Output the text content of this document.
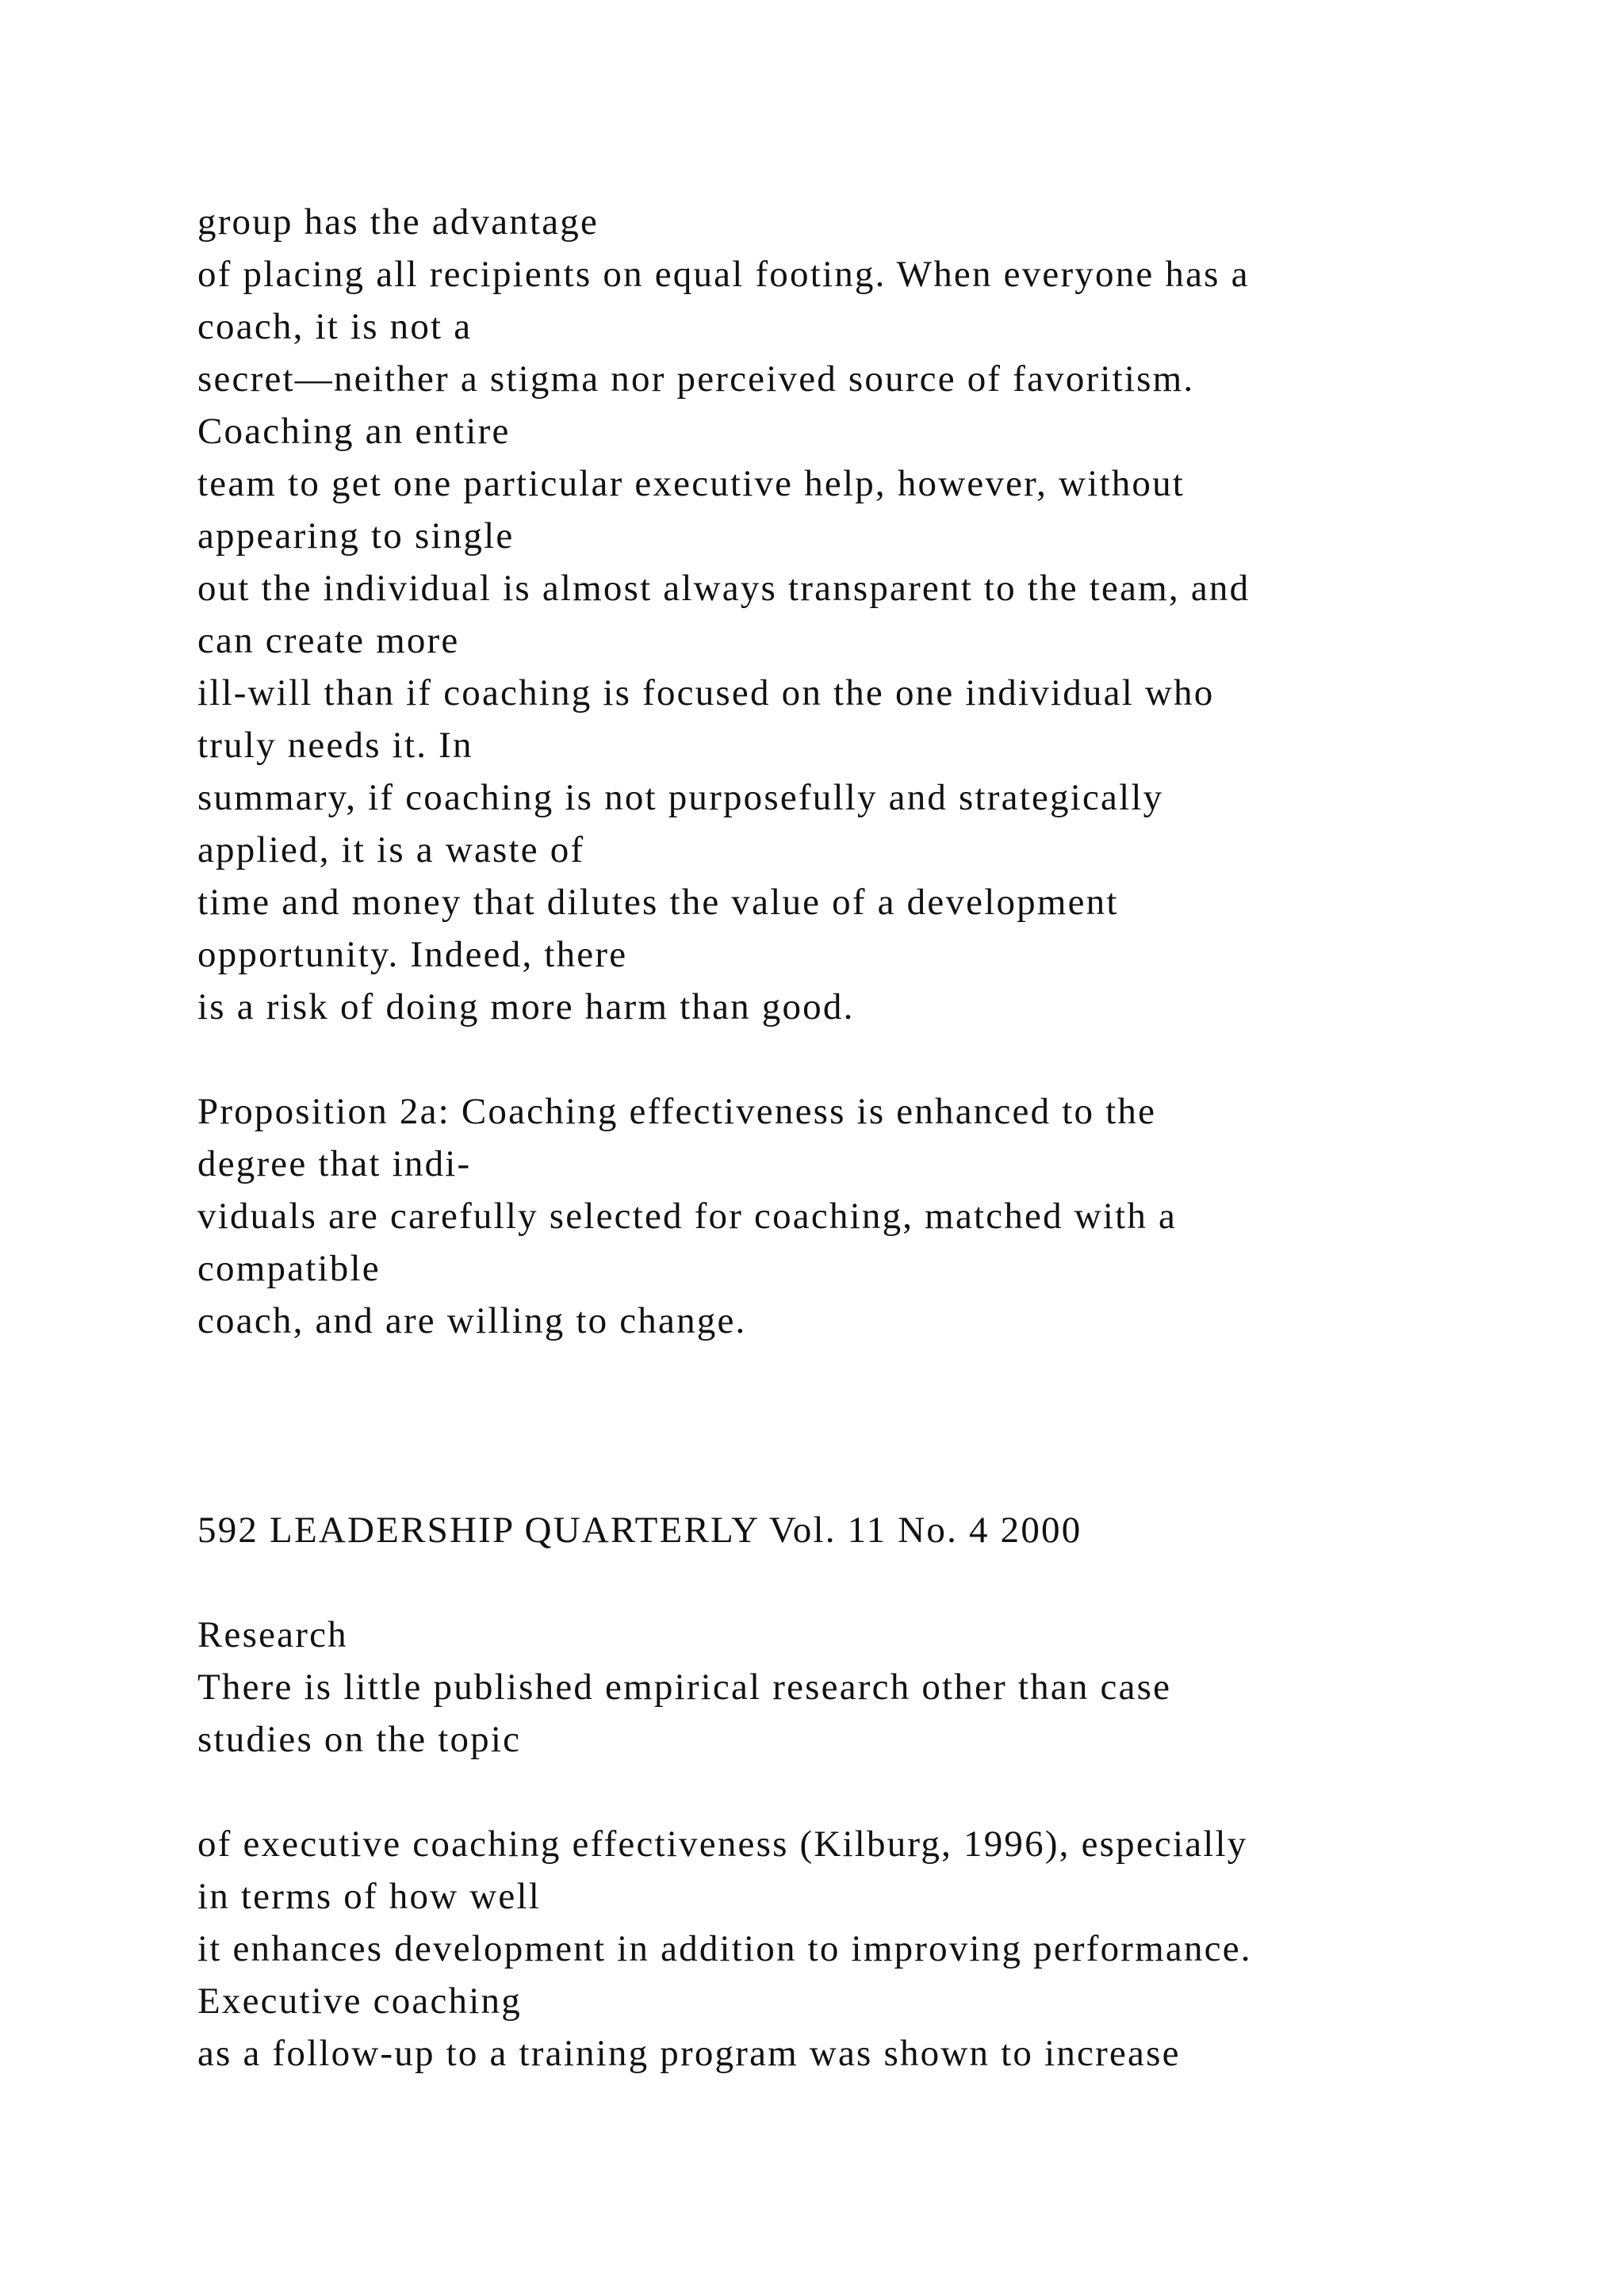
group has the advantage
of placing all recipients on equal footing. When everyone has a
coach, it is not a
secret—neither a stigma nor perceived source of favoritism.
Coaching an entire
team to get one particular executive help, however, without
appearing to single
out the individual is almost always transparent to the team, and
can create more
ill-will than if coaching is focused on the one individual who
truly needs it. In
summary, if coaching is not purposefully and strategically
applied, it is a waste of
time and money that dilutes the value of a development
opportunity. Indeed, there
is a risk of doing more harm than good.
Proposition 2a: Coaching effectiveness is enhanced to the
degree that indi-
viduals are carefully selected for coaching, matched with a
compatible
coach, and are willing to change.
592 LEADERSHIP QUARTERLY Vol. 11 No. 4 2000
Research
There is little published empirical research other than case
studies on the topic
of executive coaching effectiveness (Kilburg, 1996), especially
in terms of how well
it enhances development in addition to improving performance.
Executive coaching
as a follow-up to a training program was shown to increase
